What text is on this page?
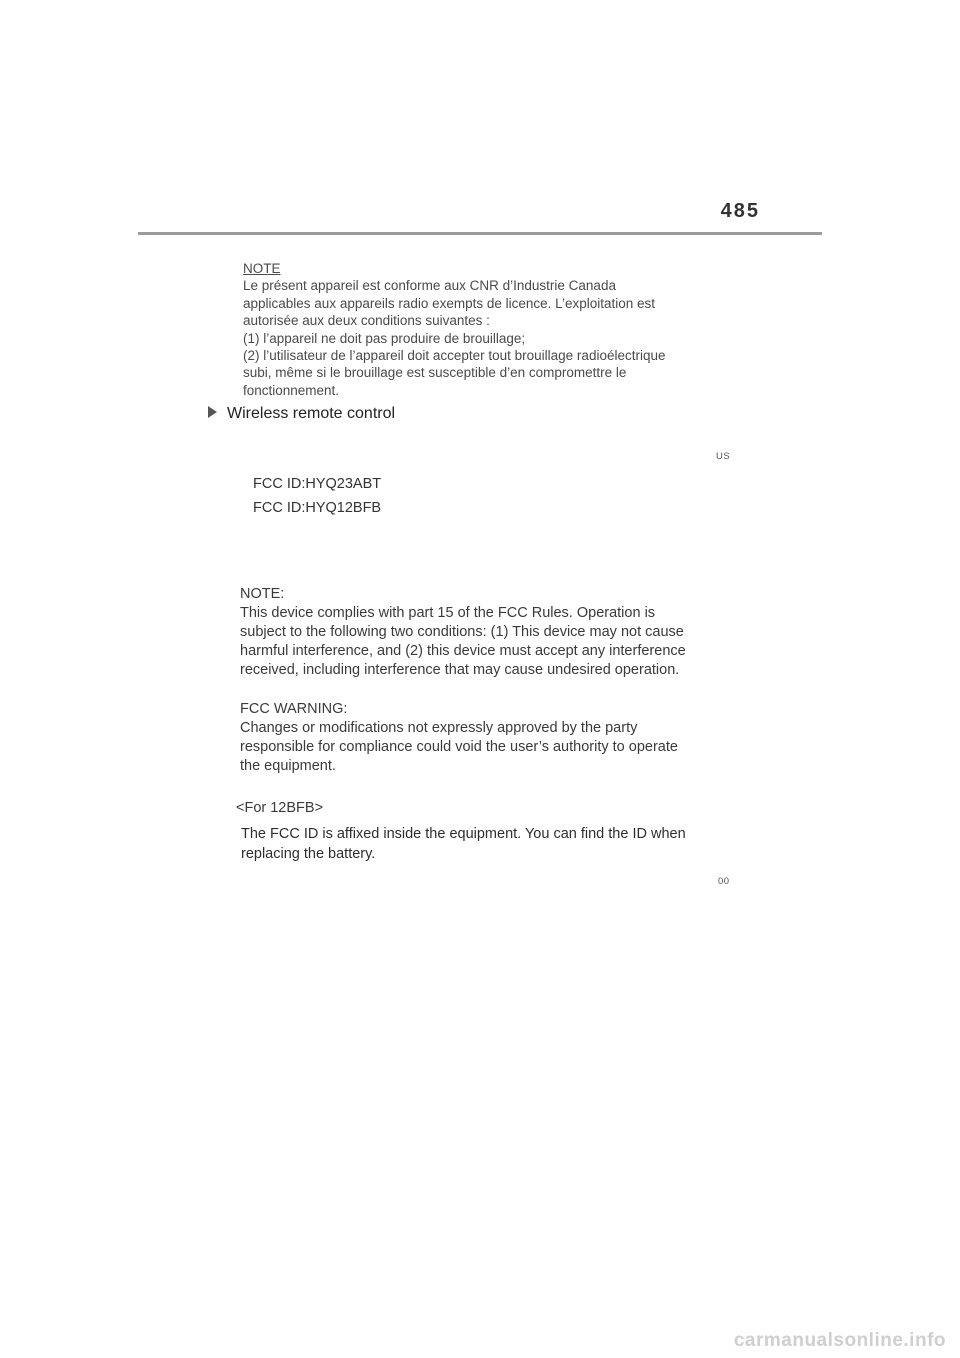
485
NOTE
Le présent appareil est conforme aux CNR d’Industrie Canada
applicables aux appareils radio exempts de licence. L’exploitation est
autorisée aux deux conditions suivantes :
(1) l’appareil ne doit pas produire de brouillage;
(2) l’utilisateur de l’appareil doit accepter tout brouillage radioélectrique
subi, même si le brouillage est susceptible d’en compromettre le
fonctionnement.
Wireless remote control
US
FCC ID:HYQ23ABT
FCC ID:HYQ12BFB
NOTE:
This device complies with part 15 of the FCC Rules. Operation is
subject to the following two conditions: (1) This device may not cause
harmful interference, and (2) this device must accept any interference
received, including interference that may cause undesired operation.
FCC WARNING:
Changes or modifications not expressly approved by the party
responsible for compliance could void the user’s authority to operate
the equipment.
<For 12BFB>
The FCC ID is affixed inside the equipment. You can find the ID when
replacing the battery.
00
carmanualsonline.info
